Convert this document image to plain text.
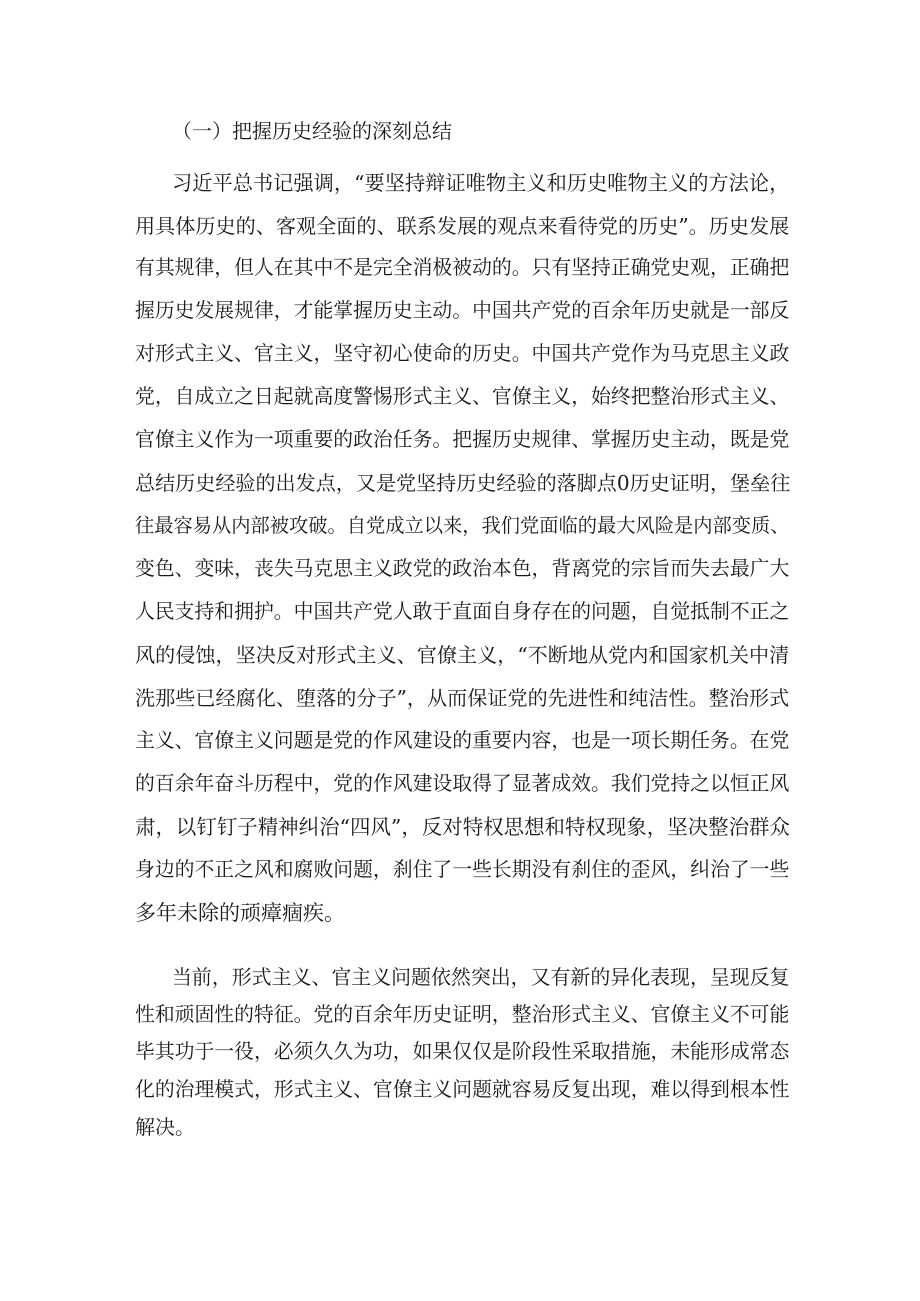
（一）把握历史经验的深刻总结
习近平总书记强调，“要坚持辩证唯物主义和历史唯物主义的方法论，
用具体历史的、客观全面的、联系发展的观点来看待党的历史”。历史发展
有其规律，但人在其中不是完全消极被动的。只有坚持正确党史观，正确把
握历史发展规律，才能掌握历史主动。中国共产党的百余年历史就是一部反
对形式主义、官主义，坚守初心使命的历史。中国共产党作为马克思主义政
党，自成立之日起就高度警惕形式主义、官僚主义，始终把整治形式主义、
官僚主义作为一项重要的政治任务。把握历史规律、掌握历史主动，既是党
总结历史经验的出发点，又是党坚持历史经验的落脚点0历史证明，堡垒往
往最容易从内部被攻破。自党成立以来，我们党面临的最大风险是内部变质、
变色、变味，丧失马克思主义政党的政治本色，背离党的宗旨而失去最广大
人民支持和拥护。中国共产党人敢于直面自身存在的问题，自觉抵制不正之
风的侵蚀，坚决反对形式主义、官僚主义，“不断地从党内和国家机关中清
洗那些已经腐化、堕落的分子”，从而保证党的先进性和纯洁性。整治形式
主义、官僚主义问题是党的作风建设的重要内容，也是一项长期任务。在党
的百余年奋斗历程中，党的作风建设取得了显著成效。我们党持之以恒正风
肃，以钉钉子精神纠治“四风”，反对特权思想和特权现象，坚决整治群众
身边的不正之风和腐败问题，刹住了一些长期没有刹住的歪风，纠治了一些
多年未除的顽瘴痼疾。
当前，形式主义、官主义问题依然突出，又有新的异化表现，呈现反复
性和顽固性的特征。党的百余年历史证明，整治形式主义、官僚主义不可能
毕其功于一役，必须久久为功，如果仅仅是阶段性采取措施，未能形成常态
化的治理模式，形式主义、官僚主义问题就容易反复出现，难以得到根本性
解决。
